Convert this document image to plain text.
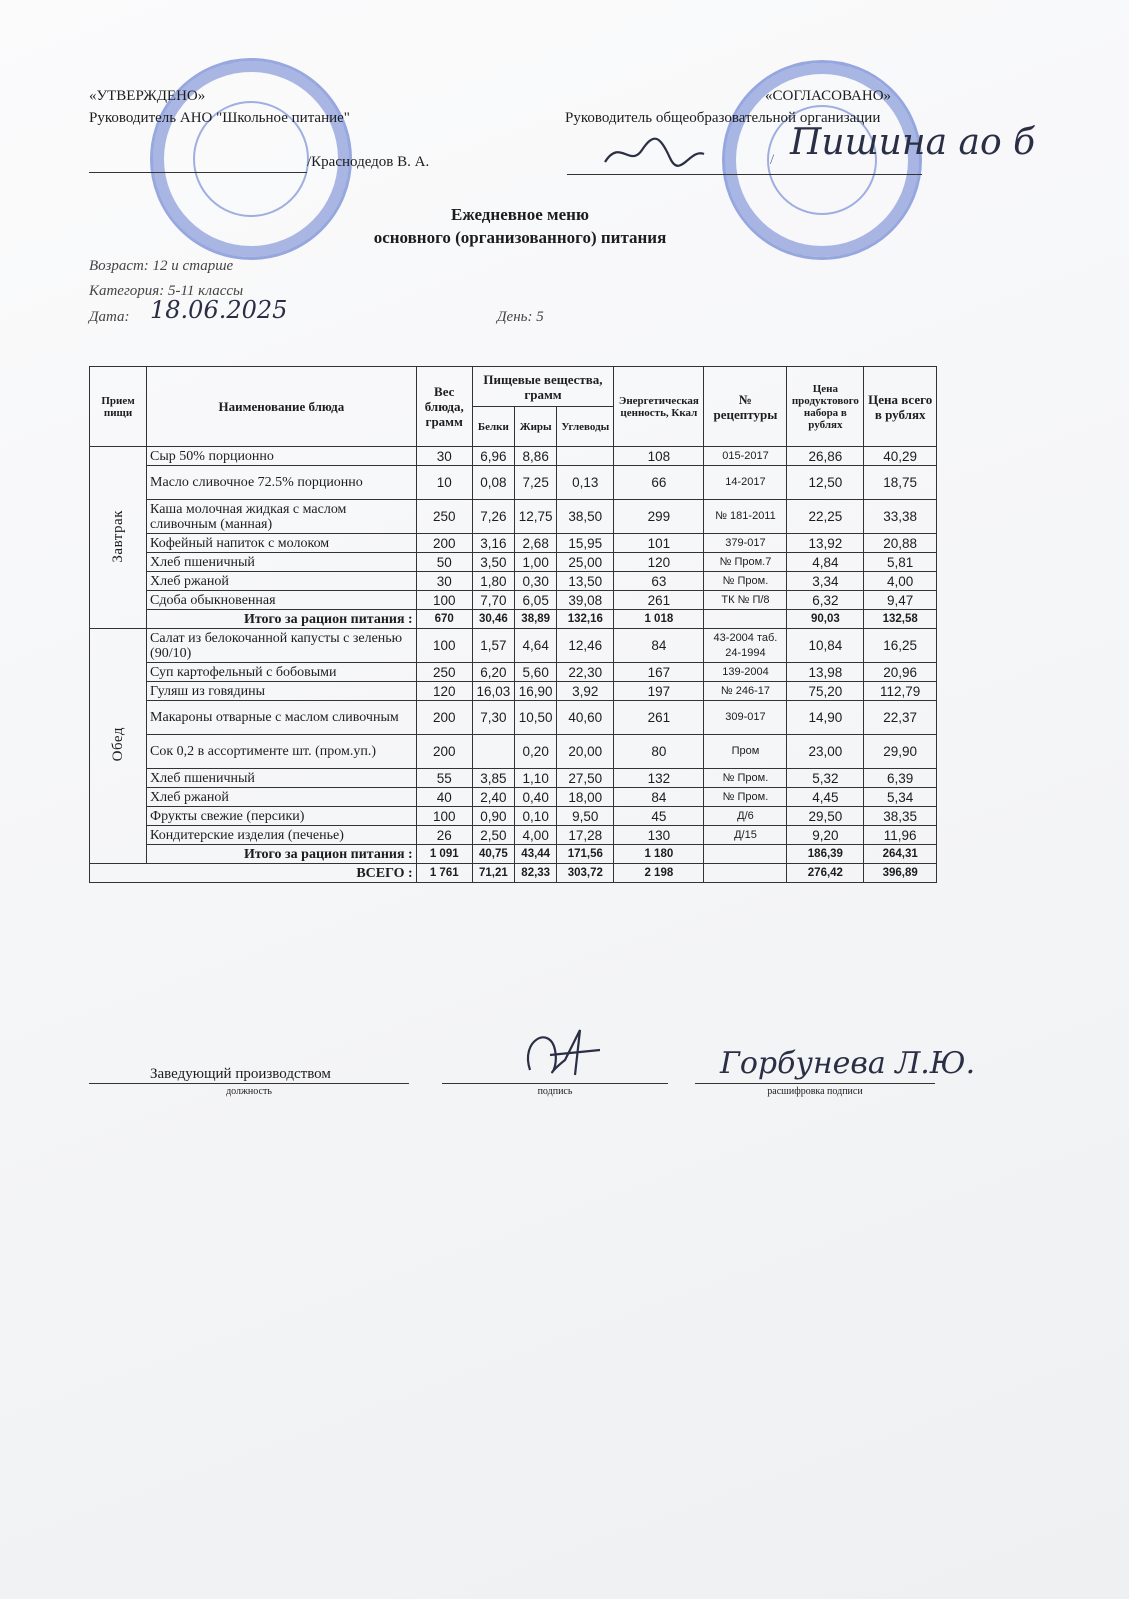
«УТВЕРЖДЕНО»
Руководитель АНО "Школьное питание"
/Краснодедов В. А.
«СОГЛАСОВАНО»
Руководитель общеобразовательной организации
/ Пишина ао б
Ежедневное меню
основного (организованного) питания
Возраст: 12 и старше
Категория: 5-11 классы
Дата: 18.06.2025	День: 5
Прием пищи	Наименование блюда	Вес блюда, грамм	Пищевые вещества, грамм			Энергетическая ценность, Ккал	№ рецептуры	Цена продуктового набора в рублях	Цена всего в рублях
			Белки	Жиры	Углеводы				
Завтрак	Сыр 50% порционно	30	6,96	8,86		108	015-2017	26,86	40,29
	Масло сливочное 72.5% порционно	10	0,08	7,25	0,13	66	14-2017	12,50	18,75
	Каша молочная жидкая с маслом сливочным (манная)	250	7,26	12,75	38,50	299	№ 181-2011	22,25	33,38
	Кофейный напиток с молоком	200	3,16	2,68	15,95	101	379-017	13,92	20,88
	Хлеб пшеничный	50	3,50	1,00	25,00	120	№ Пром.7	4,84	5,81
	Хлеб ржаной	30	1,80	0,30	13,50	63	№ Пром.	3,34	4,00
	Сдоба обыкновенная	100	7,70	6,05	39,08	261	ТК № П/8	6,32	9,47
	Итого за рацион питания :	670	30,46	38,89	132,16	1 018		90,03	132,58
Обед	Салат из белокочанной капусты с зеленью (90/10)	100	1,57	4,64	12,46	84	43-2004 таб. 24-1994	10,84	16,25
	Суп картофельный с бобовыми	250	6,20	5,60	22,30	167	139-2004	13,98	20,96
	Гуляш из говядины	120	16,03	16,90	3,92	197	№ 246-17	75,20	112,79
	Макароны отварные с маслом сливочным	200	7,30	10,50	40,60	261	309-017	14,90	22,37
	Сок 0,2 в ассортименте шт. (пром.уп.)	200		0,20	20,00	80	Пром	23,00	29,90
	Хлеб пшеничный	55	3,85	1,10	27,50	132	№ Пром.	5,32	6,39
	Хлеб ржаной	40	2,40	0,40	18,00	84	№ Пром.	4,45	5,34
	Фрукты свежие (персики)	100	0,90	0,10	9,50	45	Д/6	29,50	38,35
	Кондитерские изделия (печенье)	26	2,50	4,00	17,28	130	Д/15	9,20	11,96
	Итого за рацион питания :	1 091	40,75	43,44	171,56	1 180		186,39	264,31
ВСЕГО :		1 761	71,21	82,33	303,72	2 198		276,42	396,89
Заведующий производством
должность	подпись
Горбунева Л.Ю.
расшифровка подписи
